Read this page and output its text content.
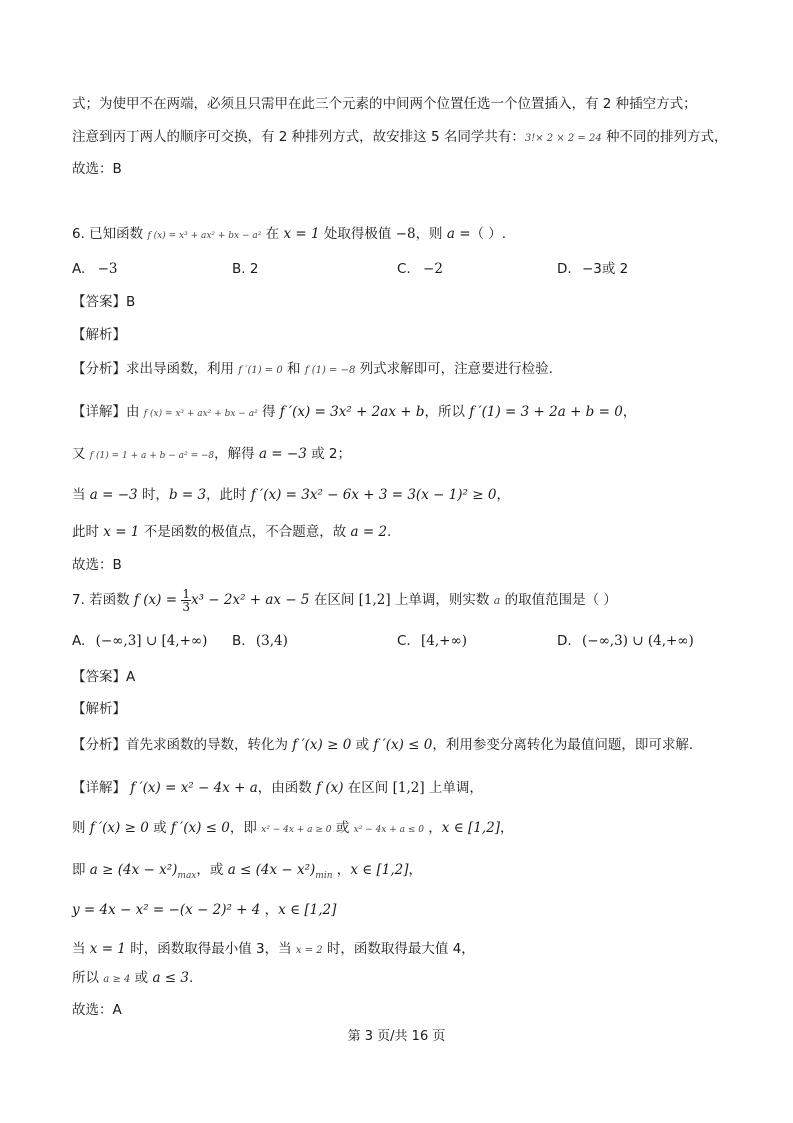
式；为使甲不在两端，必须且只需甲在此三个元素的中间两个位置任选一个位置插入，有 2 种插空方式；
注意到丙丁两人的顺序可交换，有 2 种排列方式，故安排这 5 名同学共有：3!× 2 × 2 = 24 种不同的排列方式，
故选：B
6. 已知函数 f (x) = x³ + ax² + bx − a² 在 x = 1 处取得极值 −8，则 a =（ ）.
A. −3	B. 2	C. −2	D. −3或 2
【答案】B
【解析】
【分析】求出导函数，利用 f ′(1) = 0 和 f (1) = −8 列式求解即可，注意要进行检验.
【详解】由 f (x) = x³ + ax² + bx − a² 得 f ′(x) = 3x² + 2ax + b，所以 f ′(1) = 3 + 2a + b = 0，
又 f (1) = 1 + a + b − a² = −8，解得 a = −3 或 2；
当 a = −3 时，b = 3，此时 f ′(x) = 3x² − 6x + 3 = 3(x − 1)² ≥ 0，
此时 x = 1 不是函数的极值点，不合题意，故 a = 2.
故选：B
7. 若函数 f $(x) = \frac{1}{3} x^3 - 2x^2$ + ax − 5 在区间 [1,2] 上单调，则实数 a 的取值范围是（ ）
A. (−∞,3] ∪ [4,+∞) B. (3,4)	C. [4,+∞)	D. (−∞,3) ∪ (4,+∞)
【答案】A
【解析】
【分析】首先求函数的导数，转化为 f ′(x) ≥ 0 或 f ′(x) ≤ 0，利用参变分离转化为最值问题，即可求解.
【详解】 f ′(x) = x² − 4x + a，由函数 f (x) 在区间 [1,2] 上单调，
则 f ′(x) ≥ 0 或 f ′(x) ≤ 0，即 x² − 4x + a ≥ 0 或 x² − 4x + a ≤ 0 ，x ∈ [1,2]，
即 $a \ge (4x - x^2)_{max}$，或 $a \le (4x - x^2)_{min}$ ，x ∈ [1,2]，
y = 4x − x² = −(x − 2)² + 4 ，x ∈ [1,2]
当 x = 1 时，函数取得最小值 3，当 x = 2 时，函数取得最大值 4，
所以 a ≥ 4 或 a ≤ 3.
故选：A
第 3 页/共 16 页
